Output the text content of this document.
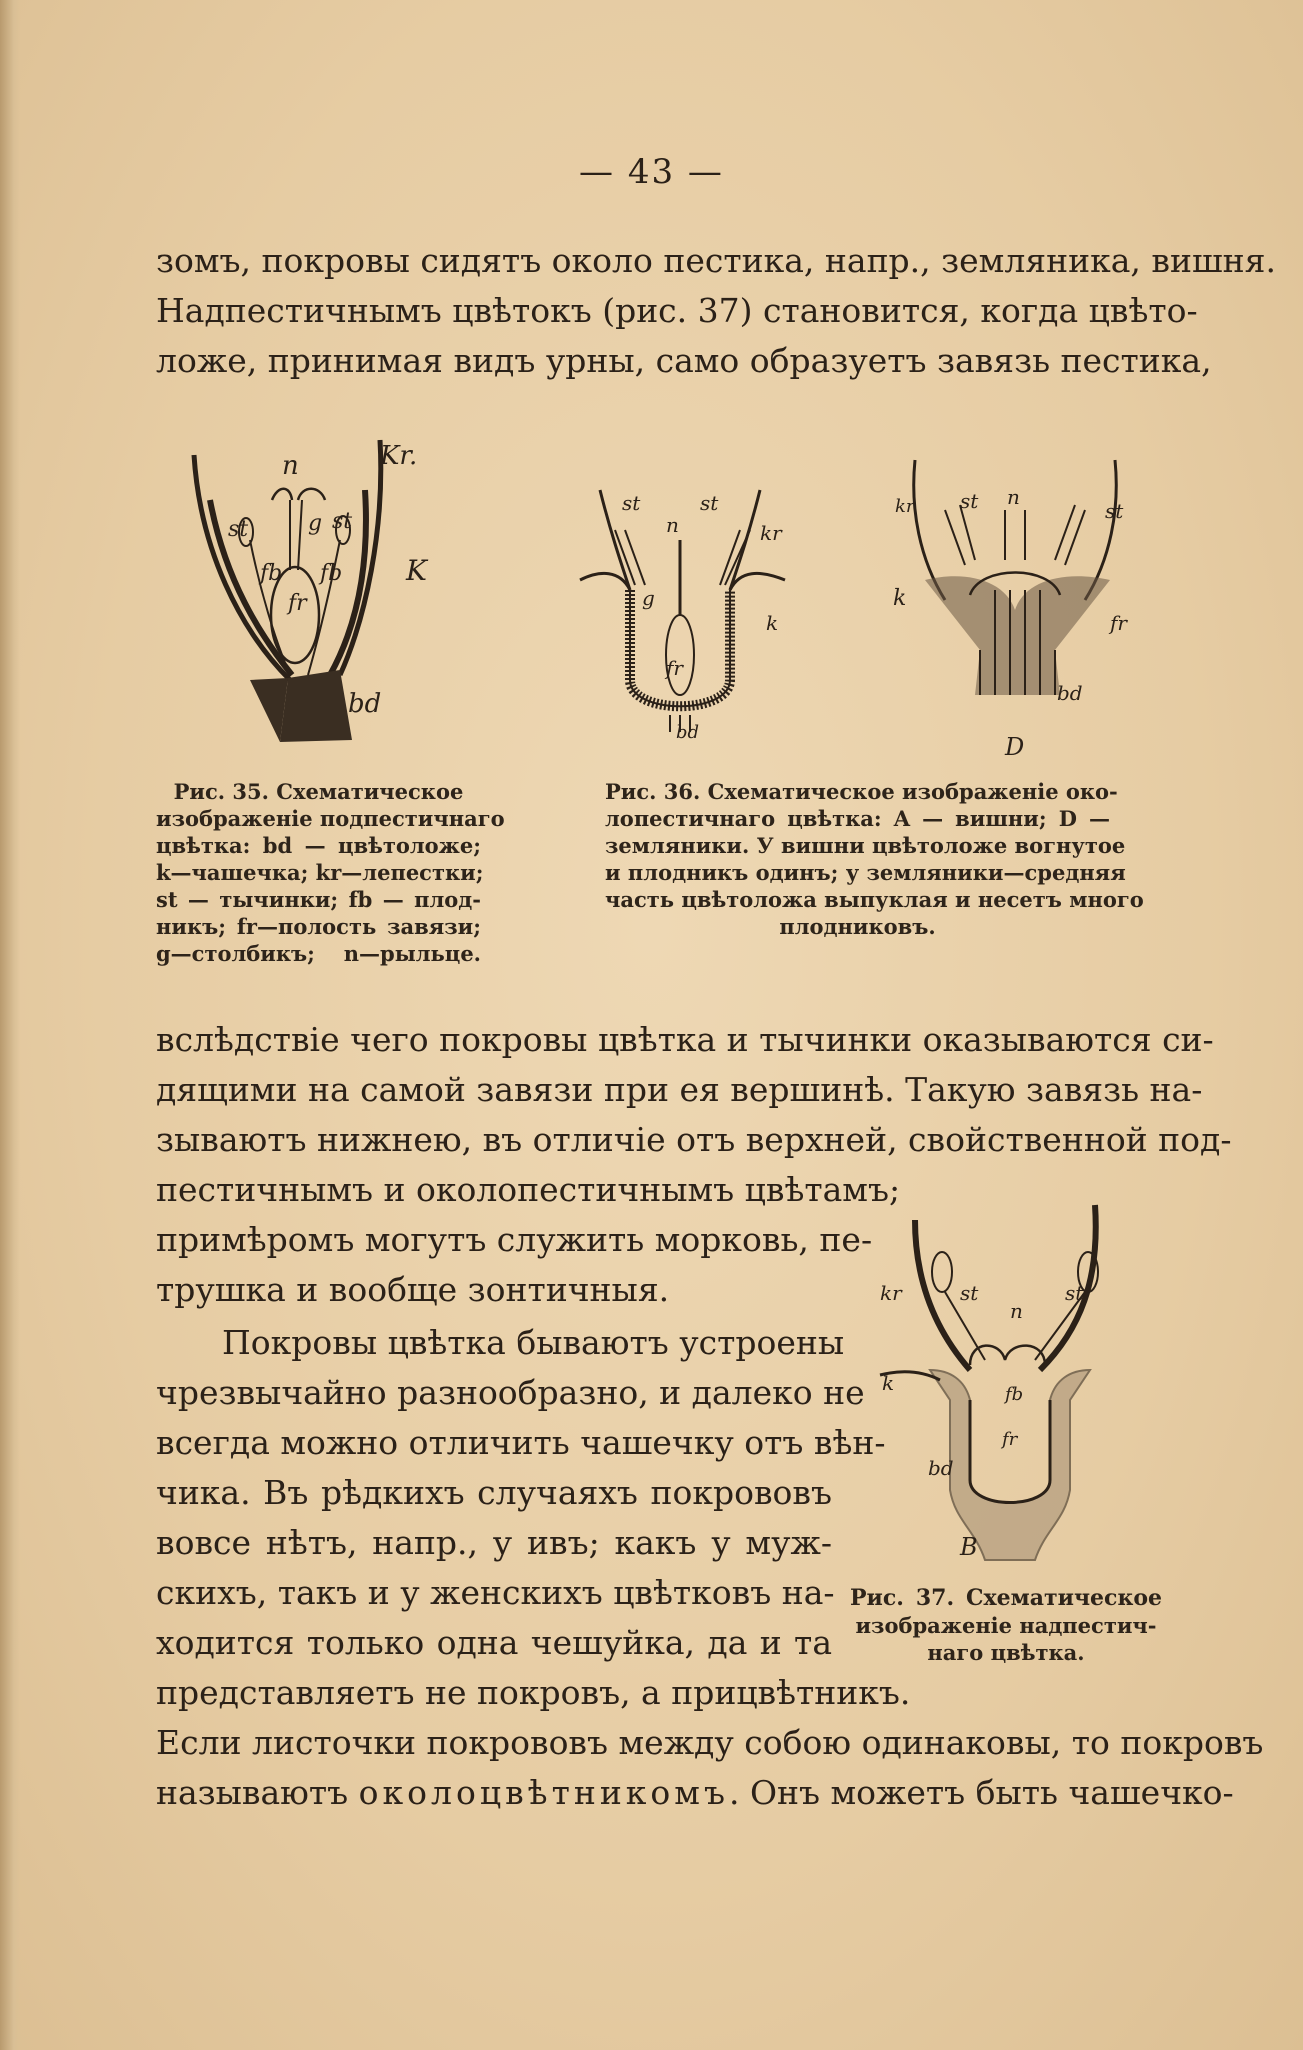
— 43 —
зомъ, покровы сидятъ около пестика, напр., земляника, вишня.
Надпестичнымъ цвѣтокъ (рис. 37) становится, когда цвѣто-
ложе, принимая видъ урны, само образуетъ завязь пестика,
n	Kr.
st	g st
fb fb K
fr
bd
Рис. 35. Схематическое
изображенiе подпестичнаго
цвѣтка: bd — цвѣтоложе;
k—чашечка; kr—лепестки;
st — тычинки; fb — плод-
никъ; fr—полость завязи;
g—столбикъ; n—рыльце.
st	st
n	kr
g
k
fr
bd
kr st n
st
k
fr
bd
D
Рис. 36. Схематическое изображенiе око-
лопестичнаго цвѣтка: A — вишни; D —
земляники. У вишни цвѣтоложе вогнутое
и плодникъ одинъ; у земляники—средняя
часть цвѣтоложа выпуклая и несетъ много
плодниковъ.
вслѣдствiе чего покровы цвѣтка и тычинки оказываются си-
дящими на самой завязи при ея вершинѣ. Такую завязь на-
зываютъ нижнею, въ отличiе отъ верхней, свойственной под-
пестичнымъ и околопестичнымъ цвѣтамъ;
примѣромъ могутъ служить морковь, пе-
трушка и вообще зонтичныя.
Покровы цвѣтка бываютъ устроены
чрезвычайно разнообразно, и далеко не
всегда можно отличить чашечку отъ вѣн-
чика. Въ рѣдкихъ случаяхъ покрововъ
вовсе нѣтъ, напр., у ивъ; какъ у муж-
скихъ, такъ и у женскихъ цвѣтковъ на-
ходится только одна чешуйка, да и та
представляетъ не покровъ, а прицвѣтникъ.
kr	st
n
st
k	fb
fr
bd
B
Рис. 37. Схематическое
изображенiе надпестич-
наго цвѣтка.
Если листочки покрововъ между собою одинаковы, то покровъ
называютъ околоцвѣтникомъ. Онъ можетъ быть чашечко-
